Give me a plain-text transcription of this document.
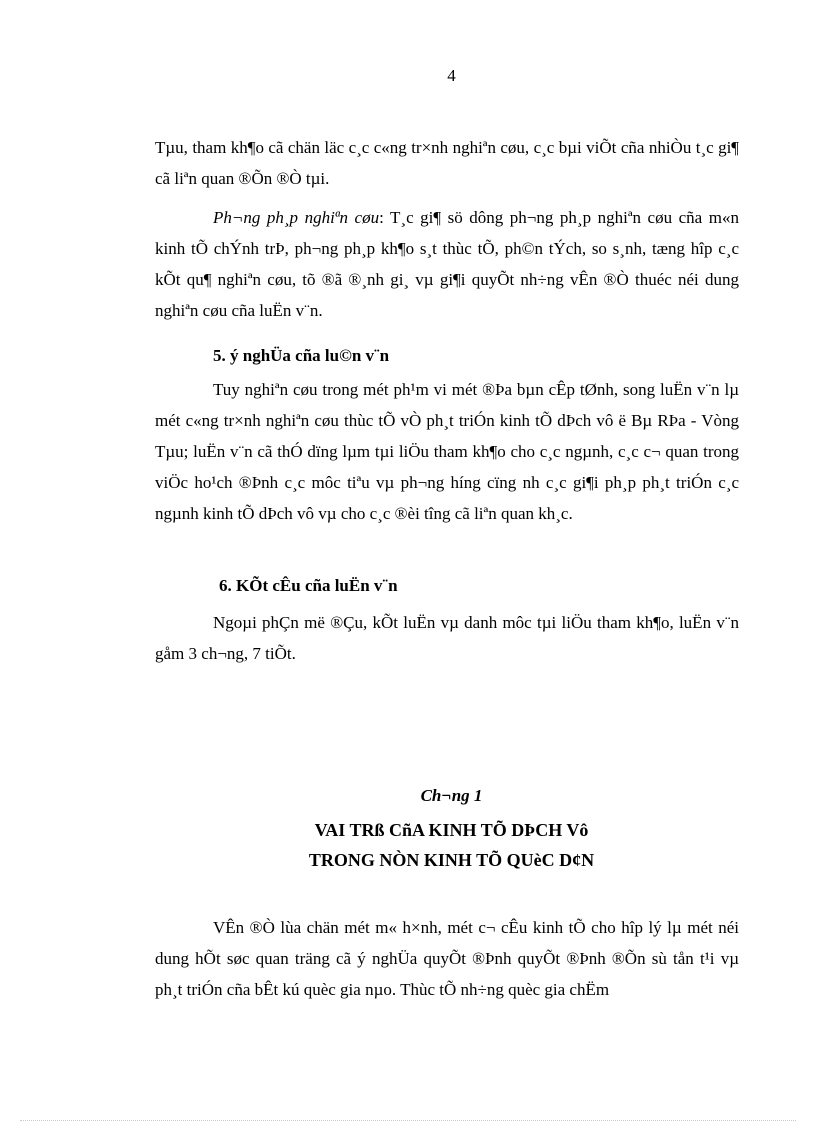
4

Tµu, tham kh¶o cã chän läc c¸c c«ng tr×nh nghiªn cøu, c¸c bµi viÕt cña nhiÒu t¸c gi¶ cã liªn quan ®Õn ®Ò tµi.

Ph¬ng ph¸p nghiªn cøu: T¸c gi¶ sö dông ph¬ng ph¸p nghiªn cøu cña m«n kinh tÕ chÝnh trÞ, ph¬ng ph¸p kh¶o s¸t thùc tÕ, ph©n tÝch, so s¸nh, tæng hîp c¸c kÕt qu¶ nghiªn cøu, tõ ®ã ®¸nh gi¸ vµ gi¶i quyÕt nh÷ng vÊn ®Ò thuéc néi dung nghiªn cøu cña luËn v¨n.

5. ý nghÜa cña lu©n v¨n

Tuy nghiªn cøu trong mét ph¹m vi mét ®Þa bµn cÊp tØnh, song luËn v¨n lµ mét c«ng tr×nh nghiªn cøu thùc tÕ vÒ ph¸t triÓn kinh tÕ dÞch vô ë Bµ RÞa - Vòng Tµu; luËn v¨n cã thÓ dïng lµm tµi liÖu tham kh¶o cho c¸c ngµnh, c¸c c¬ quan trong viÖc ho¹ch ®Þnh c¸c môc tiªu vµ ph¬ng híng cïng nh c¸c gi¶i ph¸p ph¸t triÓn c¸c ngµnh kinh tÕ dÞch vô vµ cho c¸c ®èi tîng cã liªn quan kh¸c.

6. KÕt cÊu cña luËn v¨n

Ngoµi phÇn më ®Çu, kÕt luËn vµ danh môc tµi liÖu tham kh¶o, luËn v¨n gåm 3 ch¬ng, 7 tiÕt.

Ch¬ng 1
VAI TRß CñA KINH TÕ DÞCH Vô
TRONG NÒN KINH TÕ QUèC D¢N

VÊn ®Ò lùa chän mét m« h×nh, mét c¬ cÊu kinh tÕ cho hîp lý lµ mét néi dung hÕt søc quan träng cã ý nghÜa quyÕt ®Þnh quyÕt ®Þnh ®Õn sù tån t¹i vµ ph¸t triÓn cña bÊt kú quèc gia nµo. Thùc tÕ nh÷ng quèc gia chËm
